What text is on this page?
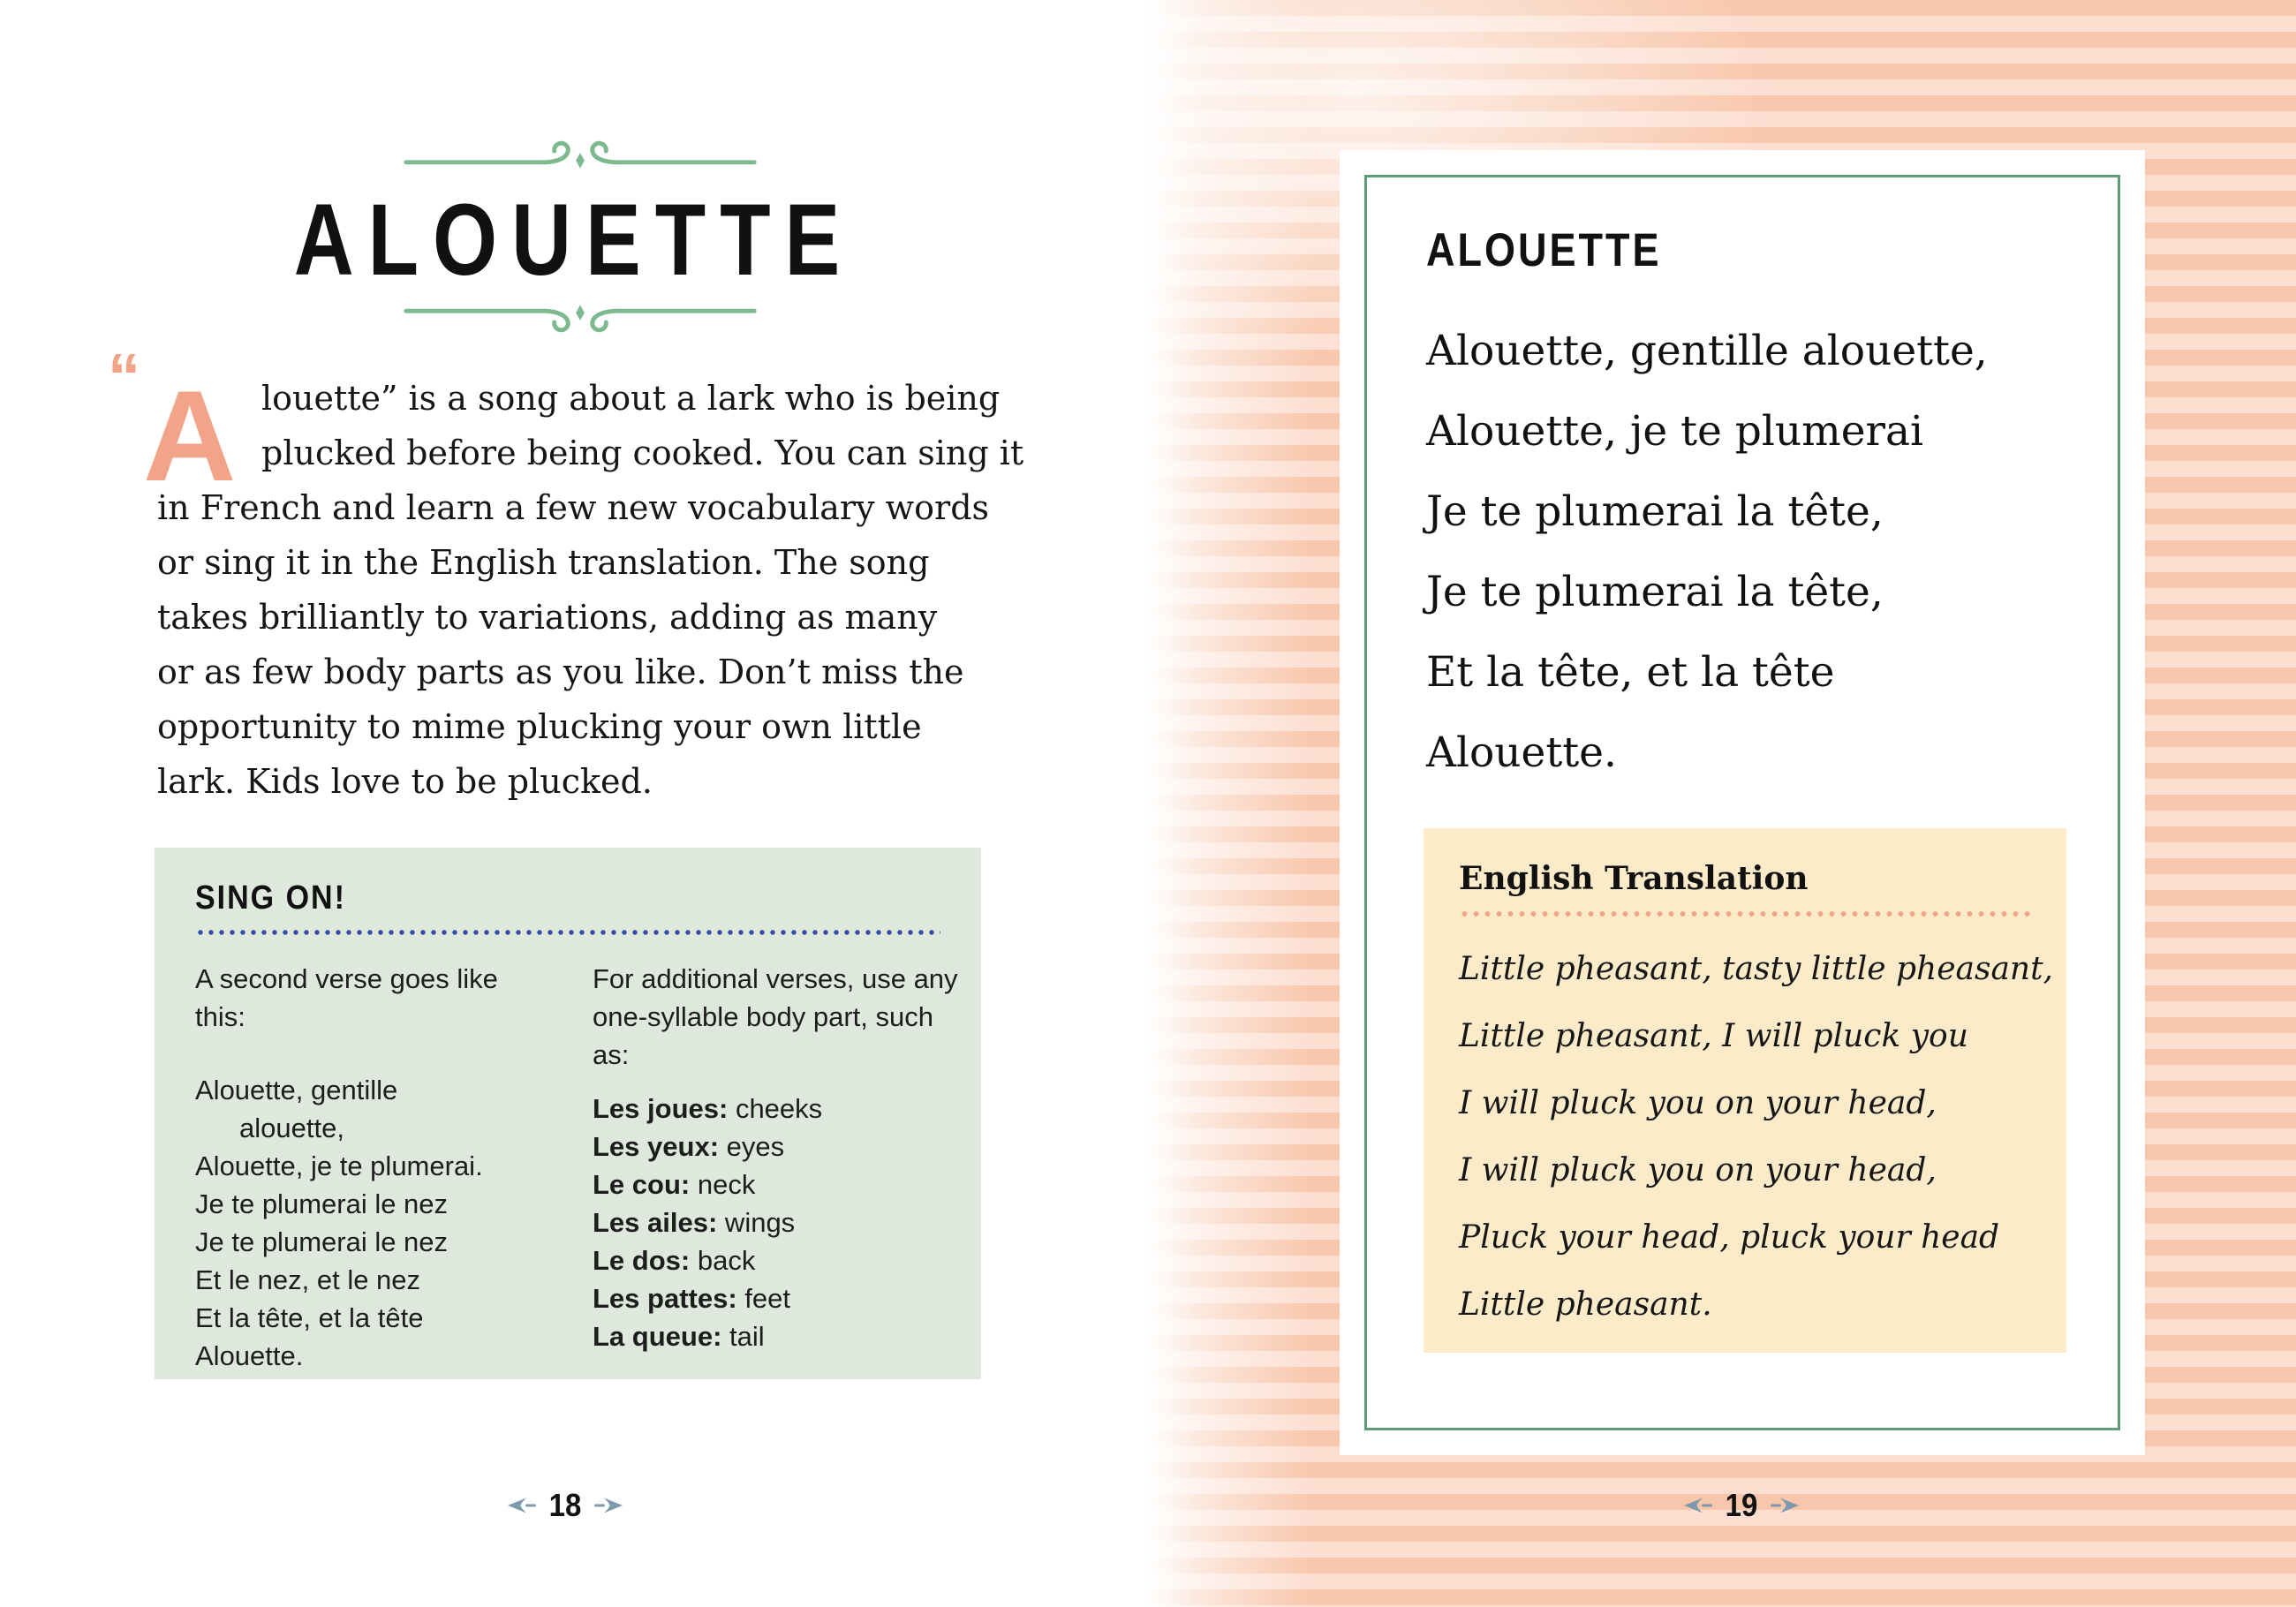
ALOUETTE
“ A louette” is a song about a lark who is being
plucked before being cooked. You can sing it
in French and learn a few new vocabulary words
or sing it in the English translation. The song
takes brilliantly to variations, adding as many
or as few body parts as you like. Don’t miss the
opportunity to mime plucking your own little
lark. Kids love to be plucked.
SING ON!

A second verse goes like this:

Alouette, gentille
alouette,
Alouette, je te plumerai.
Je te plumerai le nez
Je te plumerai le nez
Et le nez, et le nez
Et la tête, et la tête
Alouette.

For additional verses, use any one-syllable body part, such as:

Les joues: cheeks
Les yeux: eyes
Le cou: neck
Les ailes: wings
Le dos: back
Les pattes: feet
La queue: tail
18
ALOUETTE
Alouette, gentille alouette,
Alouette, je te plumerai
Je te plumerai la tête,
Je te plumerai la tête,
Et la tête, et la tête
Alouette.
English Translation
Little pheasant, tasty little pheasant,
Little pheasant, I will pluck you
I will pluck you on your head,
I will pluck you on your head,
Pluck your head, pluck your head
Little pheasant.
19
